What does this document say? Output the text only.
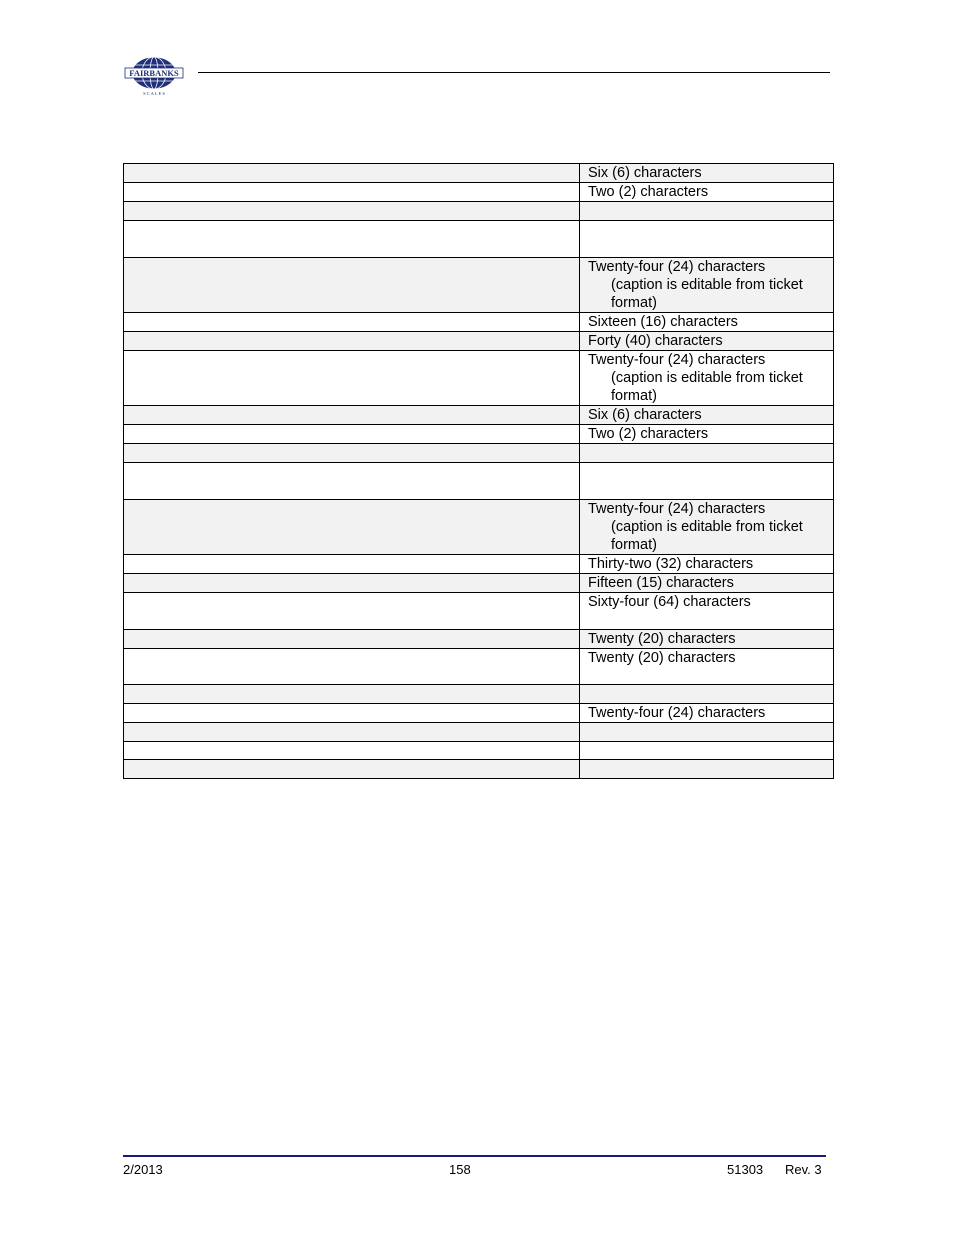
FAIRBANKS
S C A L E S

	Six (6) characters

	Two (2) characters

	Twenty-four (24) characters
(caption is editable from ticket format)

	Sixteen (16) characters

	Forty (40) characters

	Twenty-four (24) characters
(caption is editable from ticket format)

	Six (6) characters

	Two (2) characters

	Twenty-four (24) characters
(caption is editable from ticket format)

	Thirty-two (32) characters

	Fifteen (15) characters

	Sixty-four (64) characters

	Twenty (20) characters

	Twenty (20) characters

	Twenty-four (24) characters

2/2013	158	51303 Rev. 3
